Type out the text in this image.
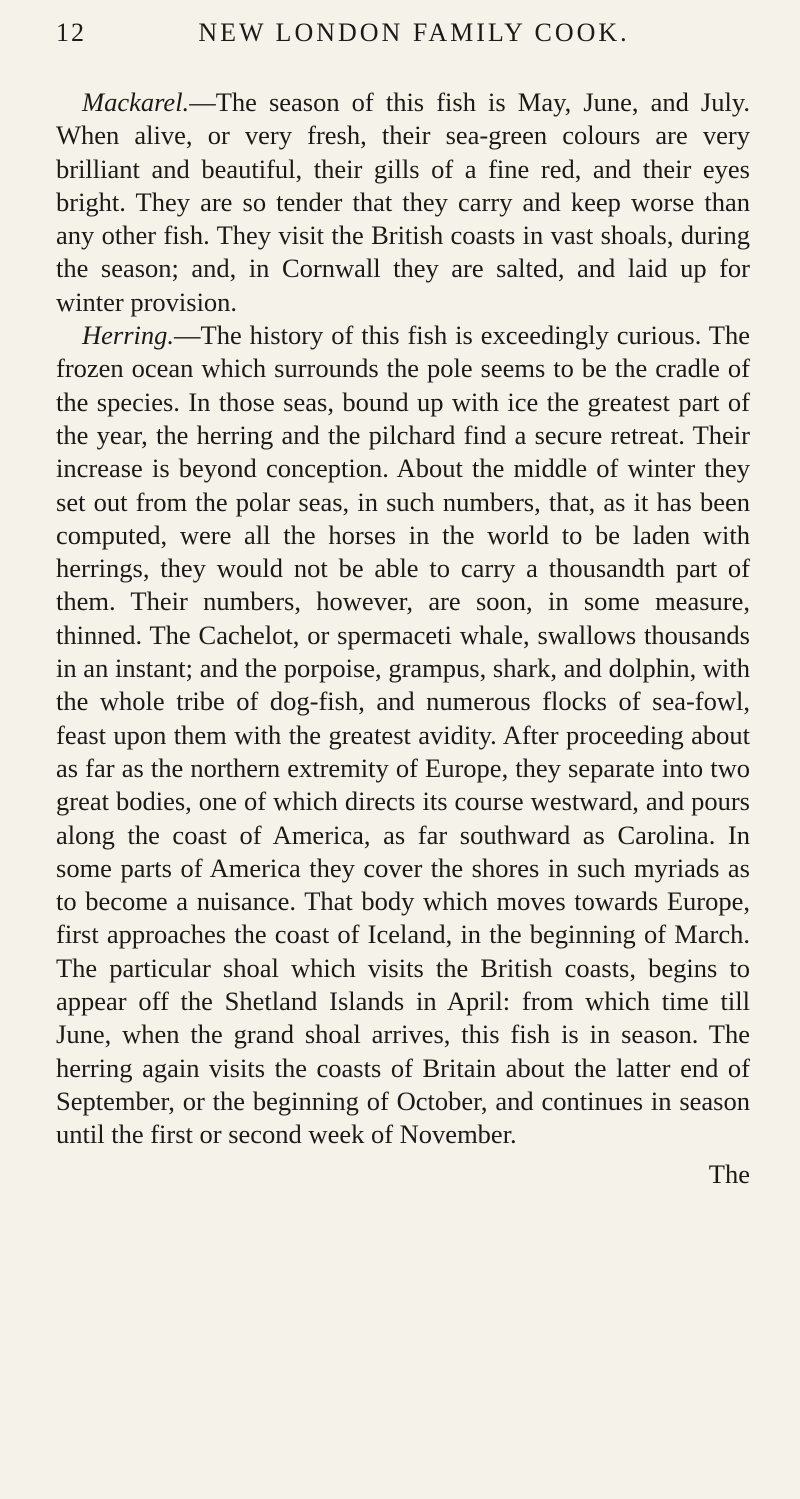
12	NEW LONDON FAMILY COOK.

Mackarel.—The season of this fish is May, June, and July. When alive, or very fresh, their sea-green colours are very brilliant and beautiful, their gills of a fine red, and their eyes bright. They are so tender that they carry and keep worse than any other fish. They visit the British coasts in vast shoals, during the season; and, in Cornwall they are salted, and laid up for winter provision.

Herring.—The history of this fish is exceedingly curious. The frozen ocean which surrounds the pole seems to be the cradle of the species. In those seas, bound up with ice the greatest part of the year, the herring and the pilchard find a secure retreat. Their increase is beyond conception. About the middle of winter they set out from the polar seas, in such numbers, that, as it has been computed, were all the horses in the world to be laden with herrings, they would not be able to carry a thousandth part of them. Their numbers, however, are soon, in some measure, thinned. The Cachelot, or spermaceti whale, swallows thousands in an instant; and the porpoise, grampus, shark, and dolphin, with the whole tribe of dog-fish, and numerous flocks of sea-fowl, feast upon them with the greatest avidity. After proceeding about as far as the northern extremity of Europe, they separate into two great bodies, one of which directs its course westward, and pours along the coast of America, as far southward as Carolina. In some parts of America they cover the shores in such myriads as to become a nuisance. That body which moves towards Europe, first approaches the coast of Iceland, in the beginning of March. The particular shoal which visits the British coasts, begins to appear off the Shetland Islands in April: from which time till June, when the grand shoal arrives, this fish is in season. The herring again visits the coasts of Britain about the latter end of September, or the beginning of October, and continues in season until the first or second week of November.

The
